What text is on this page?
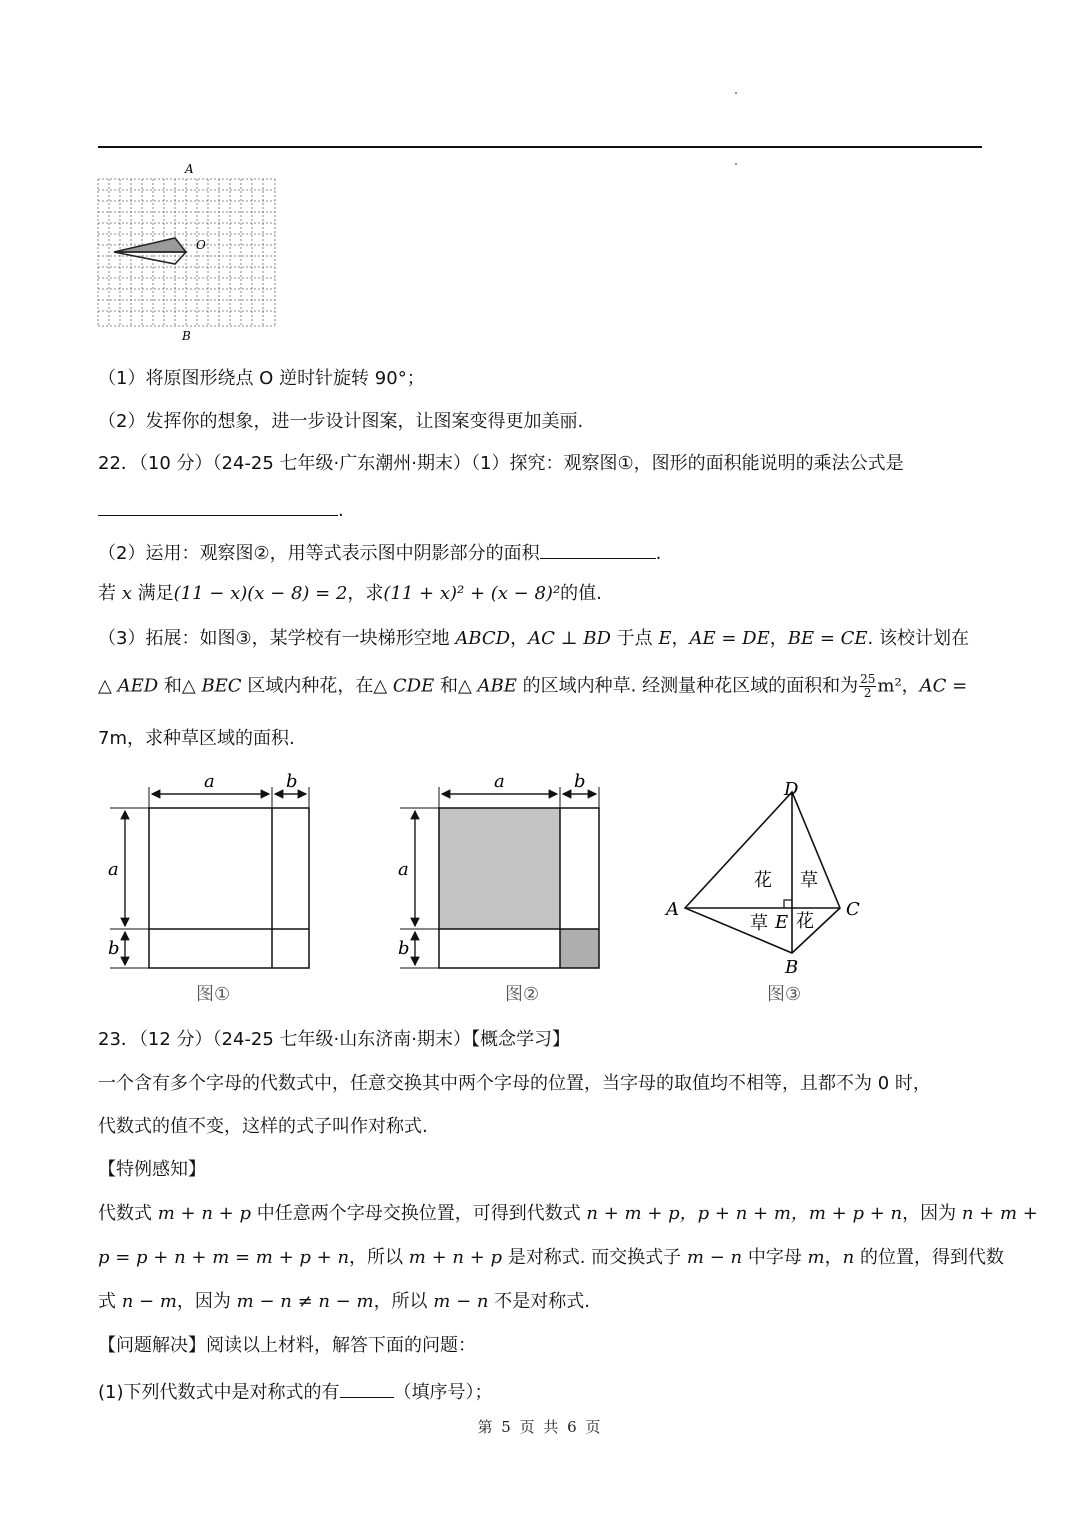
A
O
B
（1）将原图形绕点 O 逆时针旋转 90°；
（2）发挥你的想象，进一步设计图案，让图案变得更加美丽.
22．（10 分）（24-25 七年级·广东潮州·期末）（1）探究：观察图①，图形的面积能说明的乘法公式是
.
（2）运用：观察图②，用等式表示图中阴影部分的面积	.
若 x 满足(11 − x)(x − 8) = 2，求(11 + x)² + (x − 8)²的值.
（3）拓展：如图③，某学校有一块梯形空地 ABCD，AC ⊥ BD 于点 E，AE = DE，BE = CE. 该校计划在
△ AED 和△ BEC 区域内种花，在△ CDE 和△ ABE 的区域内种草. 经测量种花区域的面积和为 $\frac{25}{2} m^2$，AC =
7m，求种草区域的面积.
a	b
a
b
图①
a	b
a
b
图②
D
A	C
B
E
花 草
草 花
图③
23．（12 分）（24-25 七年级·山东济南·期末）【概念学习】
一个含有多个字母的代数式中，任意交换其中两个字母的位置，当字母的取值均不相等，且都不为 0 时，
代数式的值不变，这样的式子叫作对称式.
【特例感知】
代数式 m + n + p 中任意两个字母交换位置，可得到代数式 n + m + p，p + n + m，m + p + n，因为 n + m +
p = p + n + m = m + p + n，所以 m + n + p 是对称式. 而交换式子 m − n 中字母 m，n 的位置，得到代数
式 n − m，因为 m − n ≠ n − m，所以 m − n 不是对称式.
【问题解决】阅读以上材料，解答下面的问题：
(1)下列代数式中是对称式的有	（填序号）；
第 5 页 共 6 页
